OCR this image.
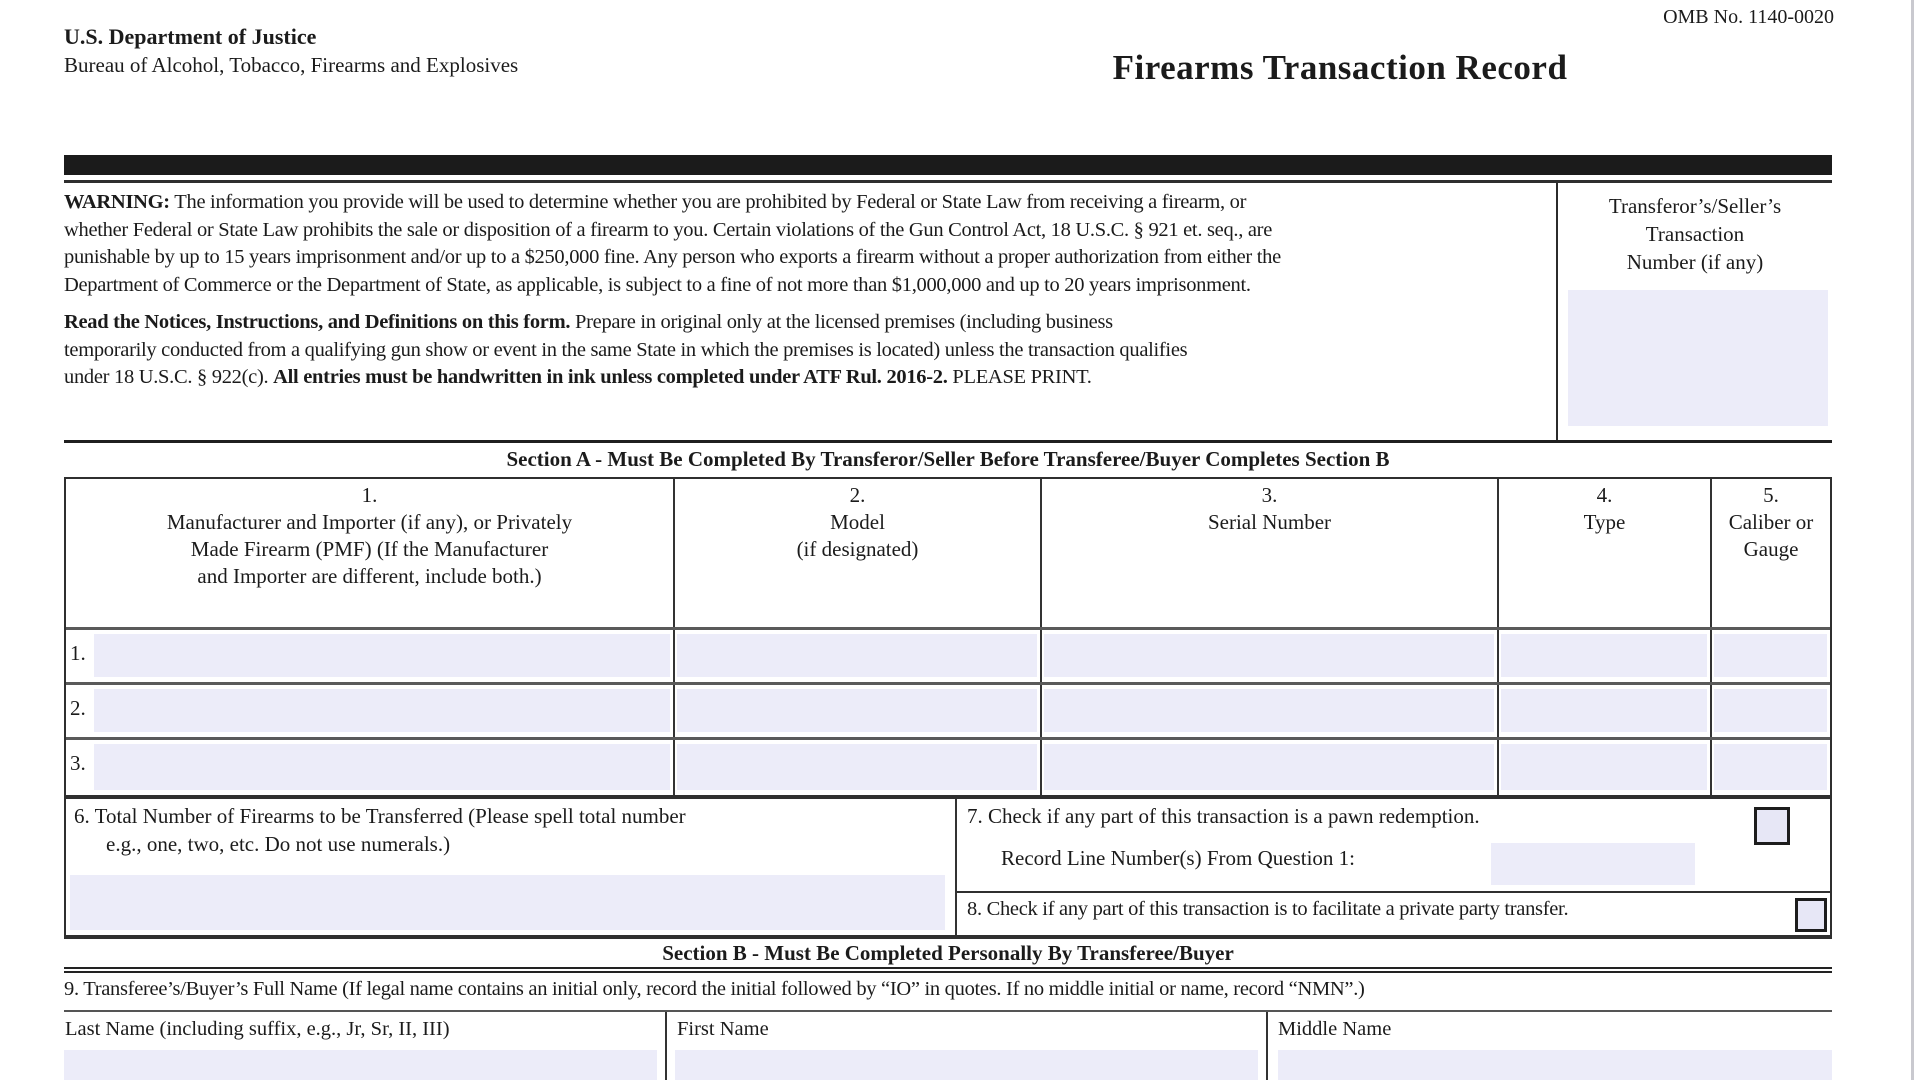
U.S. Department of Justice
Bureau of Alcohol, Tobacco, Firearms and Explosives
OMB No. 1140-0020
Firearms Transaction Record
WARNING: The information you provide will be used to determine whether you are prohibited by Federal or State Law from receiving a firearm, or
whether Federal or State Law prohibits the sale or disposition of a firearm to you. Certain violations of the Gun Control Act, 18 U.S.C. § 921 et. seq., are
punishable by up to 15 years imprisonment and/or up to a $250,000 fine. Any person who exports a firearm without a proper authorization from either the
Department of Commerce or the Department of State, as applicable, is subject to a fine of not more than $1,000,000 and up to 20 years imprisonment.
Read the Notices, Instructions, and Definitions on this form. Prepare in original only at the licensed premises (including business
temporarily conducted from a qualifying gun show or event in the same State in which the premises is located) unless the transaction qualifies
under 18 U.S.C. § 922(c). All entries must be handwritten in ink unless completed under ATF Rul. 2016-2. PLEASE PRINT.
Transferor’s/Seller’s
Transaction
Number (if any)
Section A - Must Be Completed By Transferor/Seller Before Transferee/Buyer Completes Section B
1.
Manufacturer and Importer (if any), or Privately
Made Firearm (PMF) (If the Manufacturer
and Importer are different, include both.)
2.
Model
(if designated)
3.
Serial Number
4.
Type
5.
Caliber or
Gauge
1.
2.
3.
6. Total Number of Firearms to be Transferred (Please spell total number
e.g., one, two, etc. Do not use numerals.)
7. Check if any part of this transaction is a pawn redemption.
Record Line Number(s) From Question 1:
8. Check if any part of this transaction is to facilitate a private party transfer.
Section B - Must Be Completed Personally By Transferee/Buyer
9. Transferee’s/Buyer’s Full Name (If legal name contains an initial only, record the initial followed by “IO” in quotes. If no middle initial or name, record “NMN”.)
Last Name (including suffix, e.g., Jr, Sr, II, III)	First Name	Middle Name
